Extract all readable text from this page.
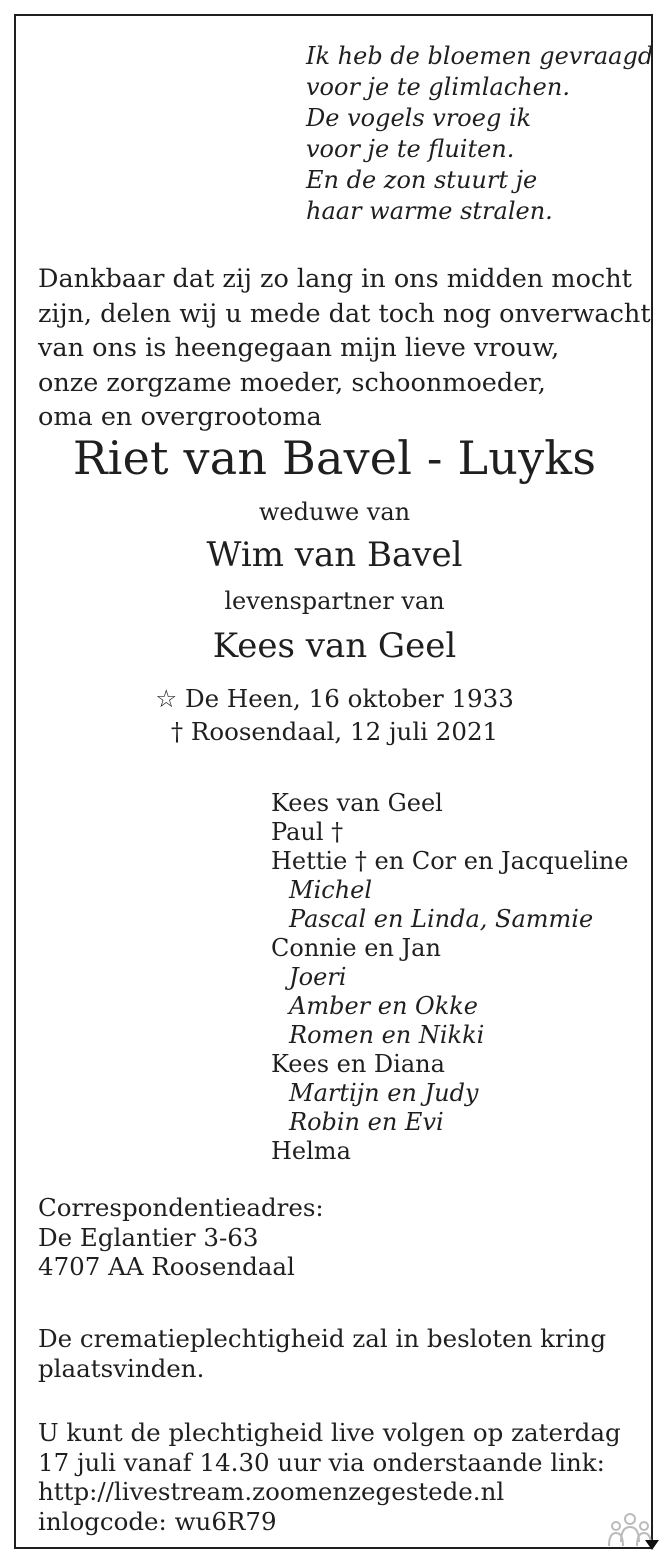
Ik heb de bloemen gevraagd
voor je te glimlachen.
De vogels vroeg ik
voor je te fluiten.
En de zon stuurt je
haar warme stralen.
Dankbaar dat zij zo lang in ons midden mocht
zijn, delen wij u mede dat toch nog onverwacht
van ons is heengegaan mijn lieve vrouw,
onze zorgzame moeder, schoonmoeder,
oma en overgrootoma
Riet van Bavel - Luyks
weduwe van
Wim van Bavel
levenspartner van
Kees van Geel
☆ De Heen, 16 oktober 1933
† Roosendaal, 12 juli 2021
Kees van Geel
Paul †
Hettie † en Cor en Jacqueline
Michel
Pascal en Linda, Sammie
Connie en Jan
Joeri
Amber en Okke
Romen en Nikki
Kees en Diana
Martijn en Judy
Robin en Evi
Helma
Correspondentieadres:
De Eglantier 3-63
4707 AA Roosendaal
De crematieplechtigheid zal in besloten kring
plaatsvinden.
U kunt de plechtigheid live volgen op zaterdag
17 juli vanaf 14.30 uur via onderstaande link:
http://livestream.zoomenzegestede.nl
inlogcode: wu6R79
